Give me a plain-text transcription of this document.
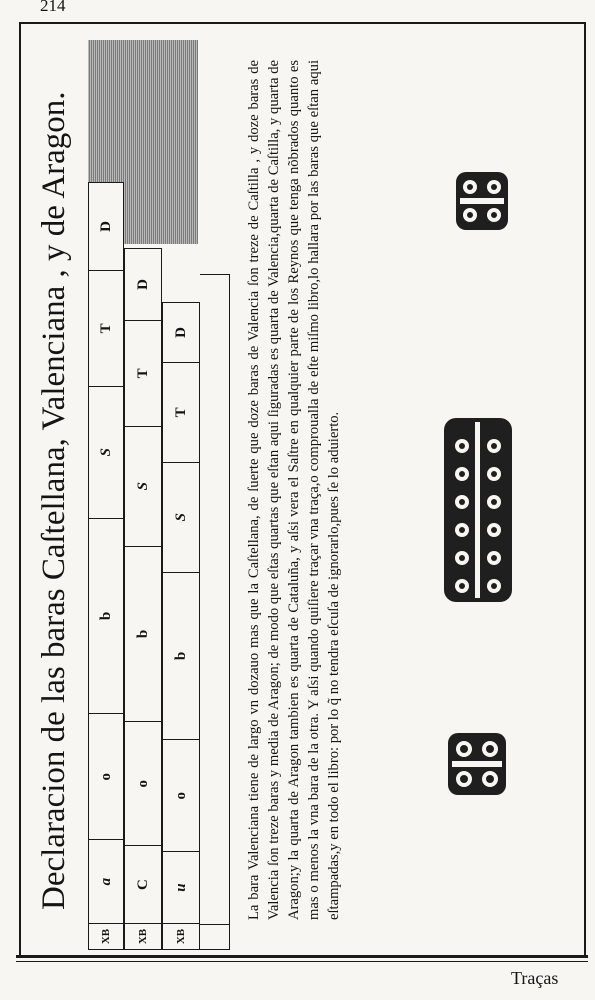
214
Traças
Declaracion de las baras Caſtellana, Valenciana , y de Aragon.
XB
a
o
b
S
T
D
XB
C
o
b
S
T
D
XB
u
o
b
S
T
D	La bara Valenciana tiene de largo vn dozauo mas que la Caſtellana, de ſuerte que doze baras de Valencia ſon treze de Caſtilla , y doze baras de Valencia ſon treze baras y media de Aragon; de modo que eſtas quartas que eſtan aqui ſiguradas es quarta de Valencia,quarta de Caſtilla, y quarta de Aragon;y la quarta de Aragon tambien es quarta de Cataluña, y aſsi vera el Saſtre en qualquier parte de los Reynos que tenga nõbrados quanto es mas o menos la vna bara de la otra. Y aſsi quando quiſiere traçar vna traça,o comproualla de eſte miſmo libro,lo hallara por las baras que eſtan aqui eſtampadas,y en todo el libro: por lo q̃ no tendra eſcuſa de ignorarlo,pues ſe lo aduierto.
